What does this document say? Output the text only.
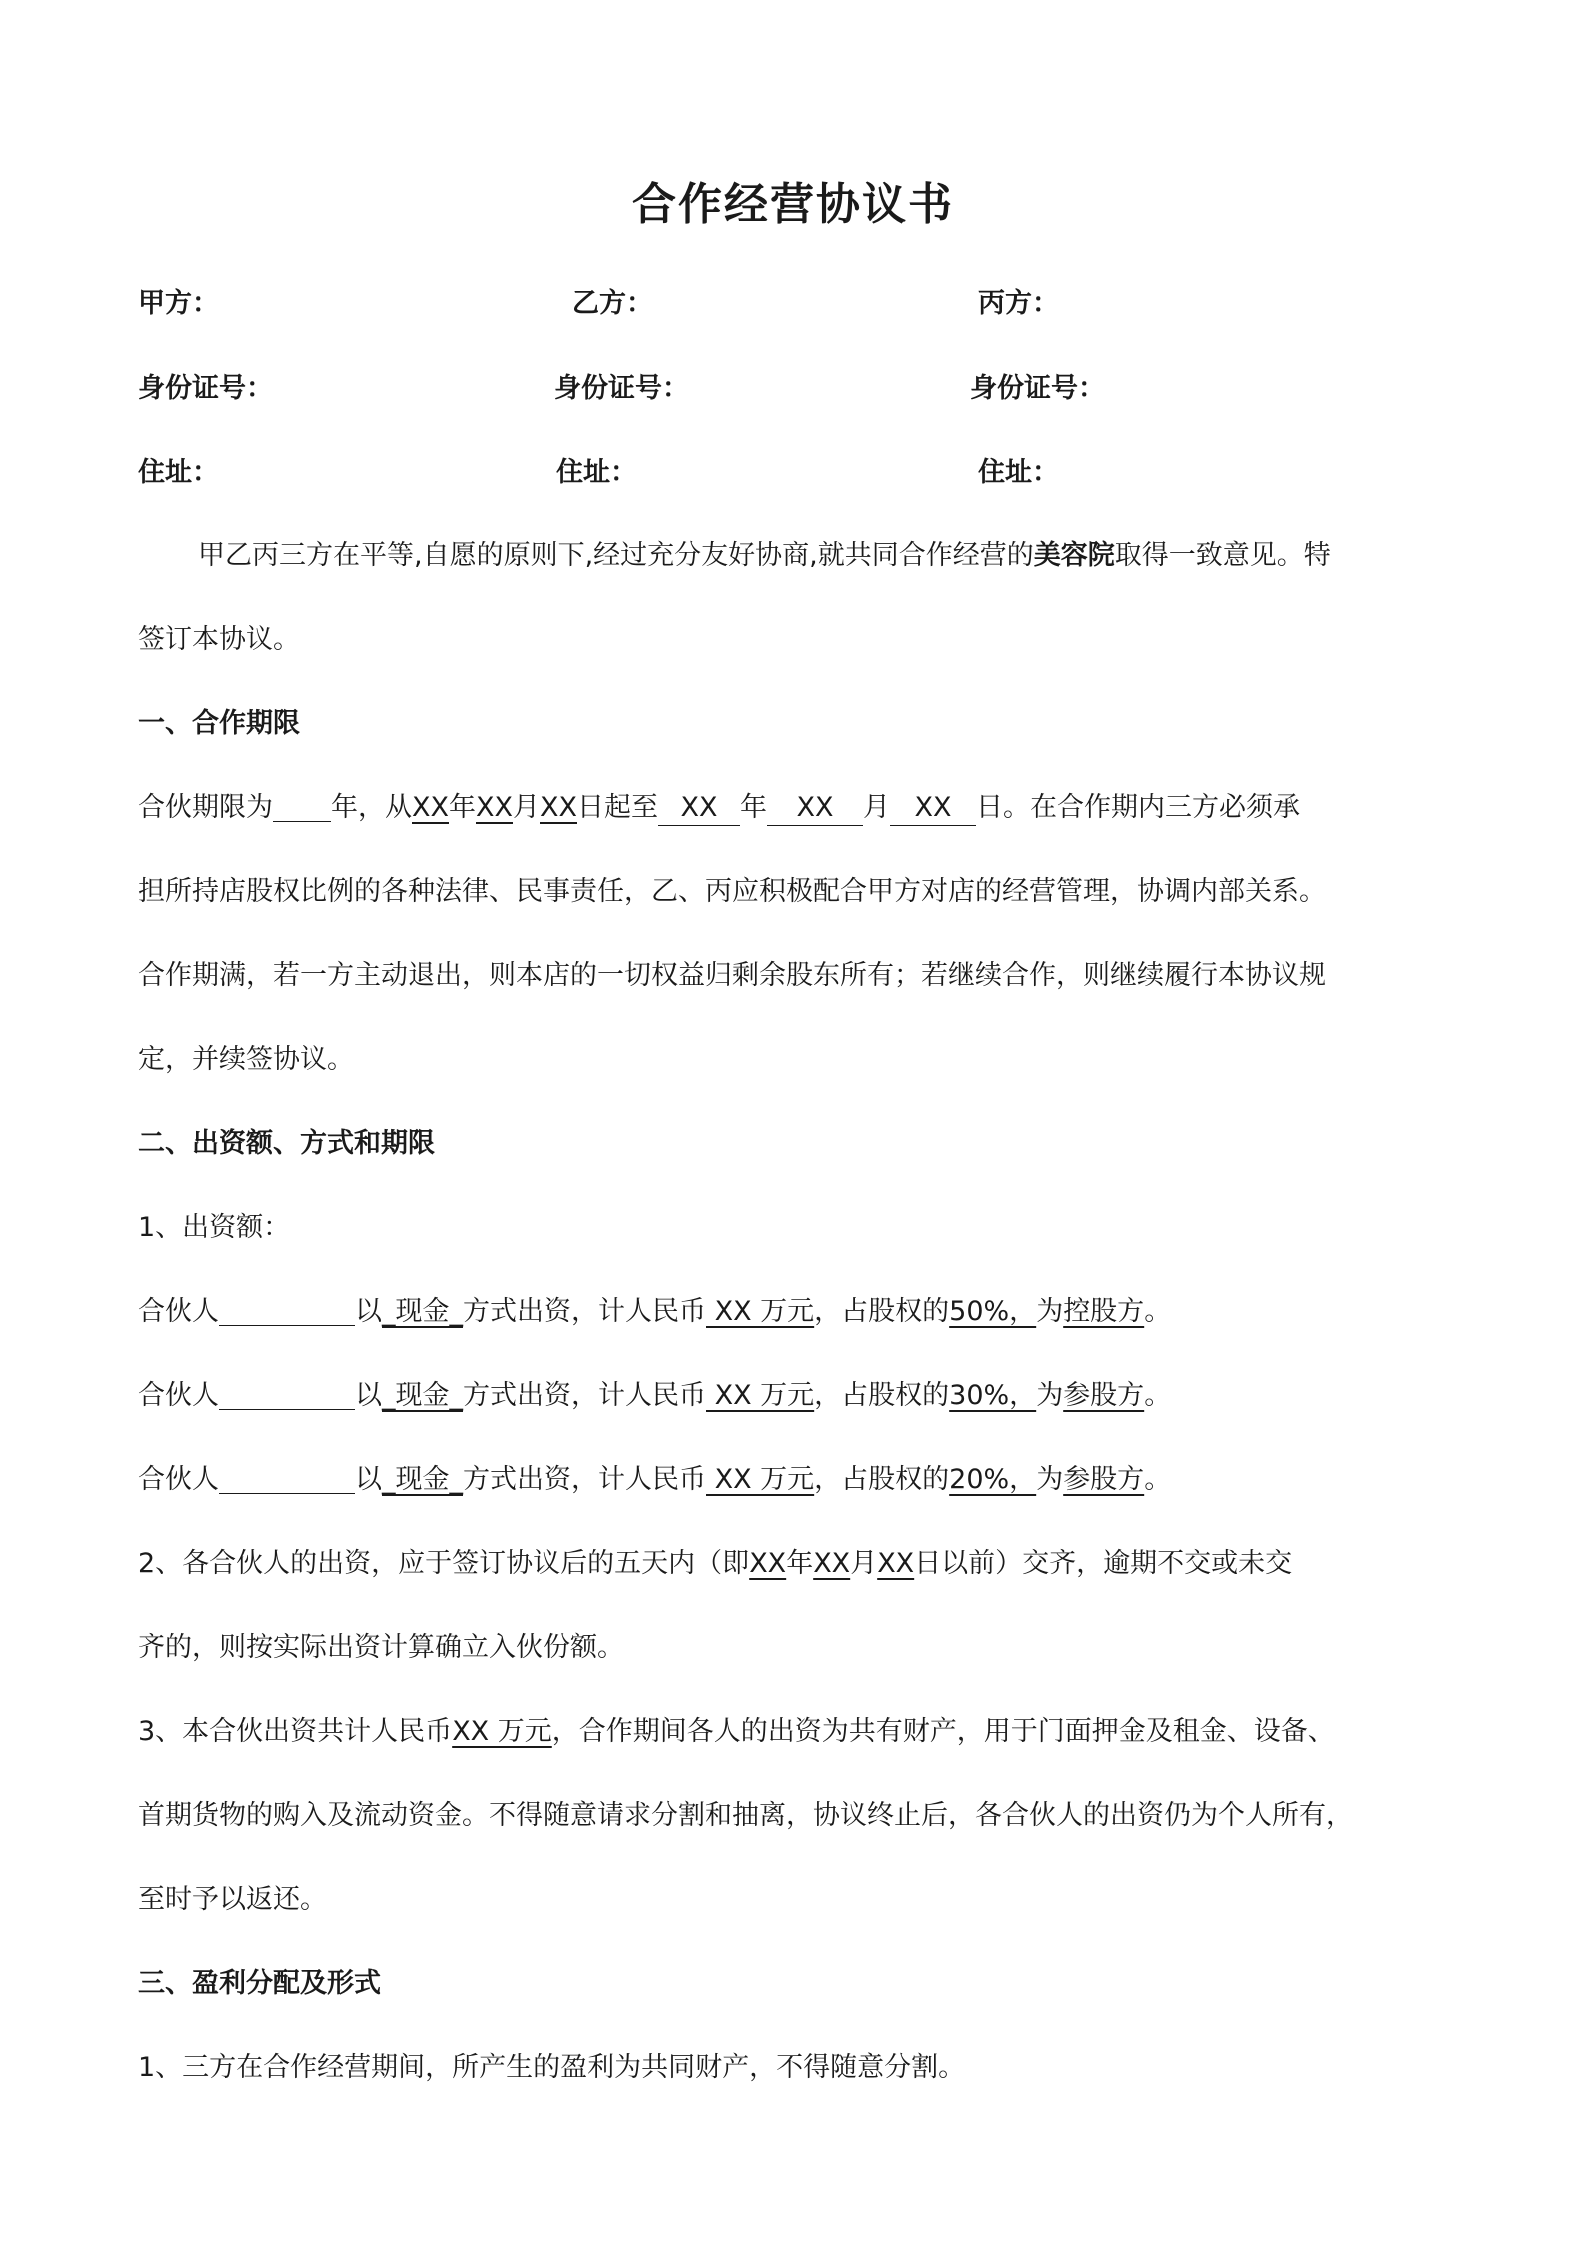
合作经营协议书
甲方：	乙方：	丙方：
身份证号：	身份证号：	身份证号：
住址：	住址：	住址：
甲乙丙三方在平等,自愿的原则下,经过充分友好协商,就共同合作经营的美容院取得一致意见。特
签订本协议。
一、合作期限
合伙期限为 年，从XX年XX月XX日起至 XX 年 XX 月 XX 日。在合作期内三方必须承
担所持店股权比例的各种法律、民事责任，乙、丙应积极配合甲方对店的经营管理，协调内部关系。
合作期满，若一方主动退出，则本店的一切权益归剩余股东所有；若继续合作，则继续履行本协议规
定，并续签协议。
二、出资额、方式和期限
1、出资额：
合伙人	以_现金_方式出资，计人民币 XX 万元，占股权的50%，为控股方。
合伙人	以_现金_方式出资，计人民币 XX 万元，占股权的30%，为参股方。
合伙人	以_现金_方式出资，计人民币 XX 万元，占股权的20%，为参股方。
2、各合伙人的出资，应于签订协议后的五天内（即XX年XX月XX日以前）交齐，逾期不交或未交
齐的，则按实际出资计算确立入伙份额。
3、本合伙出资共计人民币XX 万元，合作期间各人的出资为共有财产，用于门面押金及租金、设备、
首期货物的购入及流动资金。不得随意请求分割和抽离，协议终止后，各合伙人的出资仍为个人所有，
至时予以返还。
三、盈利分配及形式
1、三方在合作经营期间，所产生的盈利为共同财产，不得随意分割。
